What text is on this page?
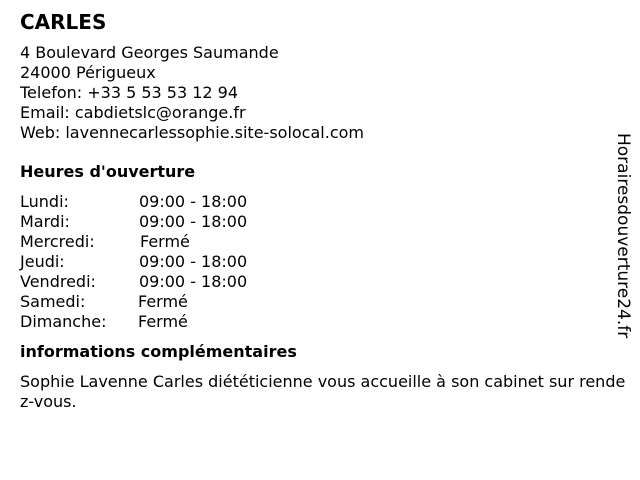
CARLES
4 Boulevard Georges Saumande
24000 Périgueux
Telefon: +33 5 53 53 12 94
Email: cabdietslc@orange.fr
Web: lavennecarlessophie.site-solocal.com
Heures d'ouverture
Lundi:	09:00 - 18:00
Mardi:	09:00 - 18:00
Mercredi:	Fermé
Jeudi:	09:00 - 18:00
Vendredi:	09:00 - 18:00
Samedi:	Fermé
Dimanche: Fermé
informations complémentaires
Sophie Lavenne Carles diététicienne vous accueille à son cabinet sur rendez-vous.
Horairesdouverture24.fr
